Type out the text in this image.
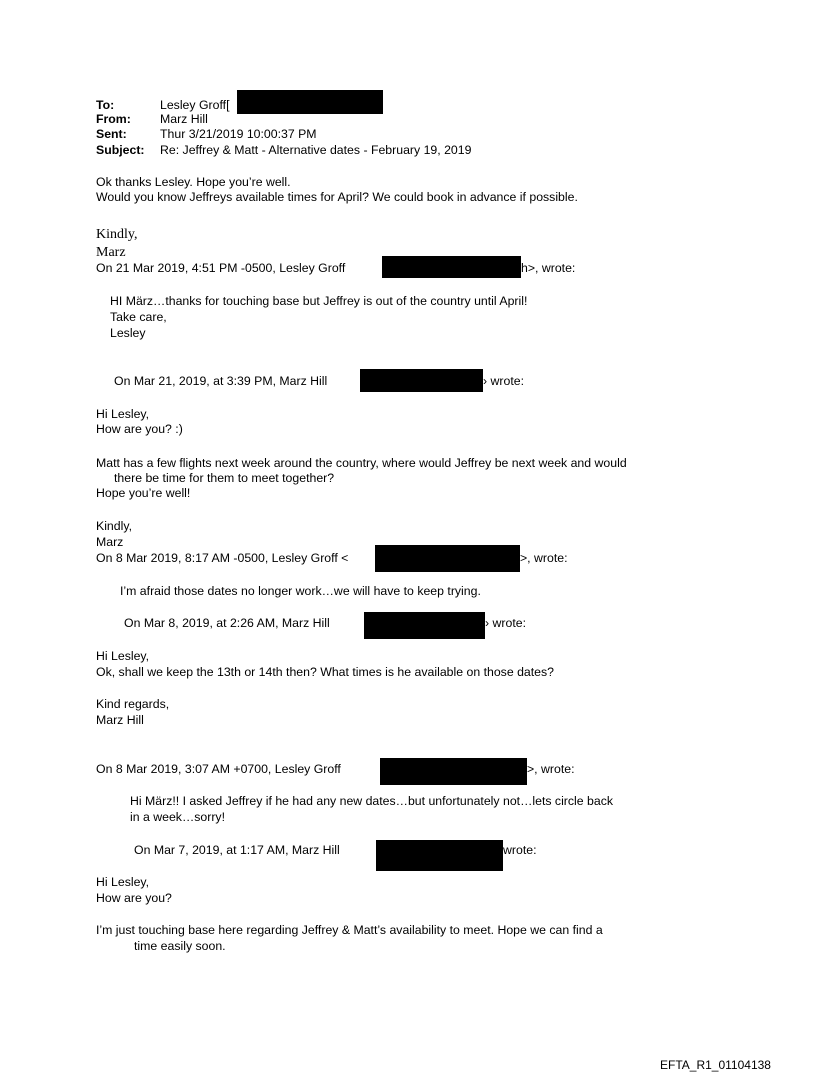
To:	Lesley Groff[
From: Marz Hill
Sent:	Thur 3/21/2019 10:00:37 PM
Subject: Re: Jeffrey & Matt - Alternative dates - February 19, 2019
Ok thanks Lesley. Hope you’re well.
Would you know Jeffreys available times for April? We could book in advance if possible.
Kindly,
Marz
On 21 Mar 2019, 4:51 PM -0500, Lesley Groff	h>, wrote:
HI März…thanks for touching base but Jeffrey is out of the country until April!
Take care,
Lesley
On Mar 21, 2019, at 3:39 PM, Marz Hill	› wrote:
Hi Lesley,
How are you? :)
Matt has a few flights next week around the country, where would Jeffrey be next week and would
there be time for them to meet together?
Hope you’re well!
Kindly,
Marz
On 8 Mar 2019, 8:17 AM -0500, Lesley Groff <	>, wrote:
I’m afraid those dates no longer work…we will have to keep trying.
On Mar 8, 2019, at 2:26 AM, Marz Hill	› wrote:
Hi Lesley,
Ok, shall we keep the 13th or 14th then? What times is he available on those dates?
Kind regards,
Marz Hill
On 8 Mar 2019, 3:07 AM +0700, Lesley Groff	>, wrote:
Hi März!! I asked Jeffrey if he had any new dates…but unfortunately not…lets circle back
in a week…sorry!
On Mar 7, 2019, at 1:17 AM, Marz Hill	wrote:
Hi Lesley,
How are you?
I’m just touching base here regarding Jeffrey & Matt’s availability to meet. Hope we can find a
time easily soon.
EFTA_R1_01104138
